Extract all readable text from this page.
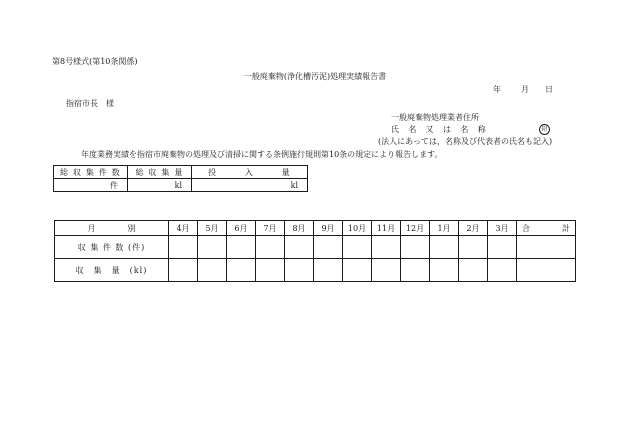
第8号様式(第10条関係)
一般廃棄物(浄化槽汚泥)処理実績報告書
年	月 日
指宿市長　様
一般廃棄物処理業者住所
氏 名 又 は 名 称	印
(法人にあっては，名称及び代表者の氏名も記入)
年度業務実績を指宿市廃棄物の処理及び清掃に関する条例施行規則第10条の規定により報告します。
総 収 集 件 数	総 収 集 量	投　　　入　　　量
件	kl	kl
月　　　　別	4月	5月	6月	7月	8月	9月	10月	11月	12月	1月	2月	3月	合　　　　計
収 集 件 数 (件)													
収　集　量　(kl)													
